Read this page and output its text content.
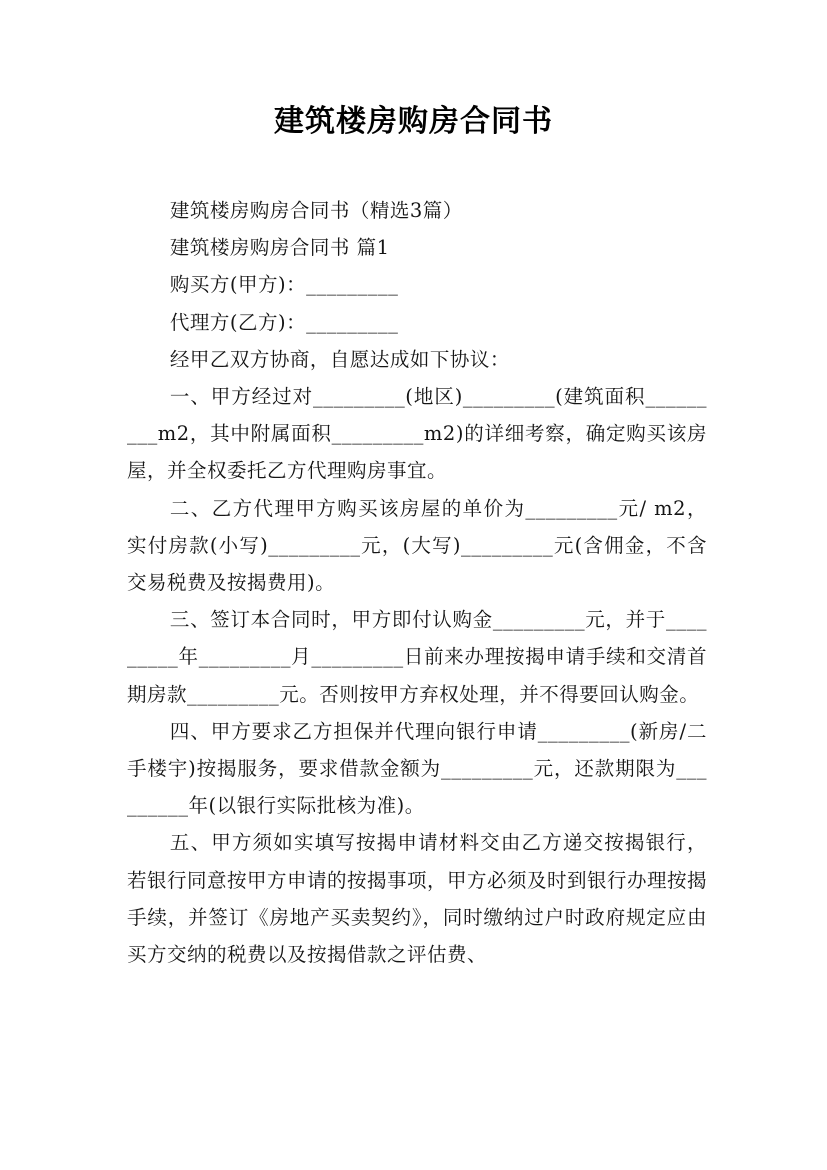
建筑楼房购房合同书

建筑楼房购房合同书（精选3篇）

建筑楼房购房合同书 篇1

购买方(甲方)：_________

代理方(乙方)：_________

经甲乙双方协商，自愿达成如下协议：

一、甲方经过对_________(地区)_________(建筑面积_________m2，其中附属面积_________m2)的详细考察，确定购买该房屋，并全权委托乙方代理购房事宜。

二、乙方代理甲方购买该房屋的单价为_________元/ m2，实付房款(小写)_________元，(大写)_________元(含佣金，不含交易税费及按揭费用)。

三、签订本合同时，甲方即付认购金_________元，并于_________年_________月_________日前来办理按揭申请手续和交清首期房款_________元。否则按甲方弃权处理，并不得要回认购金。

四、甲方要求乙方担保并代理向银行申请_________(新房/二手楼宇)按揭服务，要求借款金额为_________元，还款期限为_________年(以银行实际批核为准)。

五、甲方须如实填写按揭申请材料交由乙方递交按揭银行，若银行同意按甲方申请的按揭事项，甲方必须及时到银行办理按揭手续，并签订《房地产买卖契约》，同时缴纳过户时政府规定应由买方交纳的税费以及按揭借款之评估费、
